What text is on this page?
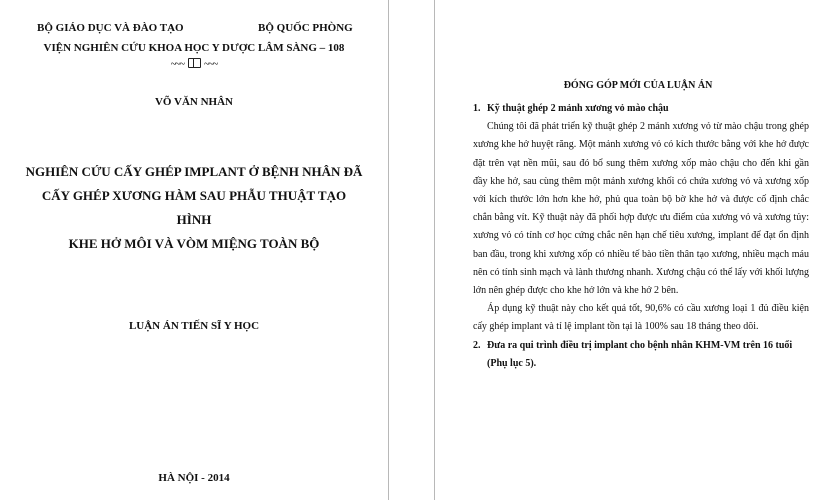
BỘ GIÁO DỤC VÀ ĐÀO TẠO	BỘ QUỐC PHÒNG
VIỆN NGHIÊN CỨU KHOA HỌC Y DƯỢC LÂM SÀNG – 108
~~~ ~~~
VÕ VĂN NHÂN
NGHIÊN CỨU CẤY GHÉP IMPLANT Ở BỆNH NHÂN ĐÃ
CẤY GHÉP XƯƠNG HÀM SAU PHẪU THUẬT TẠO HÌNH
KHE HỞ MÔI VÀ VÒM MIỆNG TOÀN BỘ
LUẬN ÁN TIẾN SĨ Y HỌC
HÀ NỘI - 2014
ĐÓNG GÓP MỚI CỦA LUẬN ÁN

1. Kỹ thuật ghép 2 mảnh xương vỏ mào chậu

Chúng tôi đã phát triển kỹ thuật ghép 2 mảnh xương vỏ từ mào chậu trong ghép xương khe hở huyệt răng. Một mảnh xương vỏ có kích thước bằng với khe hở được đặt trên vạt nền mũi, sau đó bổ sung thêm xương xốp mào chậu cho đến khi gần đầy khe hở, sau cùng thêm một mảnh xương khối có chứa xương vỏ và xương xốp với kích thước lớn hơn khe hở, phủ qua toàn bộ bờ khe hở và được cố định chắc chắn bằng vít. Kỹ thuật này đã phối hợp được ưu điểm của xương vỏ và xương tủy: xương vỏ có tính cơ học cứng chắc nên hạn chế tiêu xương, implant để đạt ổn định ban đầu, trong khi xương xốp có nhiều tế bào tiền thân tạo xương, nhiều mạch máu nên có tính sinh mạch và lành thương nhanh. Xương chậu có thể lấy với khối lượng lớn nên ghép được cho khe hở lớn và khe hở 2 bên.

Áp dụng kỹ thuật này cho kết quả tốt, 90,6% có cầu xương loại 1 đủ điều kiện cấy ghép implant và tỉ lệ implant tồn tại là 100% sau 18 tháng theo dõi.

2. Đưa ra qui trình điều trị implant cho bệnh nhân KHM-VM trên 16 tuổi (Phụ lục 5).
